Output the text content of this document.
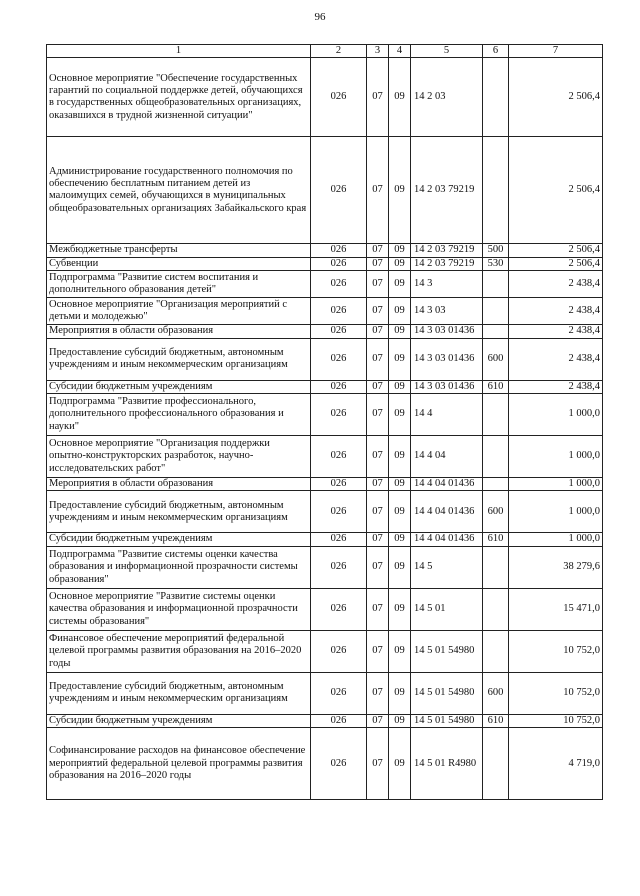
96
1	2	3	4	5	6	7
Основное мероприятие "Обеспечение государственных гарантий по социальной поддержке детей, обучающихся в государственных общеобразовательных организациях, оказавшихся в трудной жизненной ситуации"	026	07	09	14 2 03		2 506,4
Администрирование государственного полномочия по обеспечению бесплатным питанием детей из малоимущих семей, обучающихся в муниципальных общеобразовательных организациях Забайкальского края	026	07	09	14 2 03 79219		2 506,4
Межбюджетные трансферты	026	07	09	14 2 03 79219	500	2 506,4
Субвенции	026	07	09	14 2 03 79219	530	2 506,4
Подпрограмма "Развитие систем воспитания и дополнительного образования детей"	026	07	09	14 3		2 438,4
Основное мероприятие "Организация мероприятий с детьми и молодежью"	026	07	09	14 3 03		2 438,4
Мероприятия в области образования	026	07	09	14 3 03 01436		2 438,4
Предоставление субсидий бюджетным, автономным учреждениям и иным некоммерческим организациям	026	07	09	14 3 03 01436	600	2 438,4
Субсидии бюджетным учреждениям	026	07	09	14 3 03 01436	610	2 438,4
Подпрограмма "Развитие профессионального, дополнительного профессионального образования и науки"	026	07	09	14 4		1 000,0
Основное мероприятие "Организация поддержки опытно-конструкторских разработок, научно-исследовательских работ"	026	07	09	14 4 04		1 000,0
Мероприятия в области образования	026	07	09	14 4 04 01436		1 000,0
Предоставление субсидий бюджетным, автономным учреждениям и иным некоммерческим организациям	026	07	09	14 4 04 01436	600	1 000,0
Субсидии бюджетным учреждениям	026	07	09	14 4 04 01436	610	1 000,0
Подпрограмма "Развитие системы оценки качества образования и информационной прозрачности системы образования"	026	07	09	14 5		38 279,6
Основное мероприятие "Развитие системы оценки качества образования и информационной прозрачности системы образования"	026	07	09	14 5 01		15 471,0
Финансовое обеспечение мероприятий федеральной целевой программы развития образования на 2016–2020 годы	026	07	09	14 5 01 54980		10 752,0
Предоставление субсидий бюджетным, автономным учреждениям и иным некоммерческим организациям	026	07	09	14 5 01 54980	600	10 752,0
Субсидии бюджетным учреждениям	026	07	09	14 5 01 54980	610	10 752,0
Софинансирование расходов на финансовое обеспечение мероприятий федеральной целевой программы развития образования на 2016–2020 годы	026	07	09	14 5 01 R4980		4 719,0
